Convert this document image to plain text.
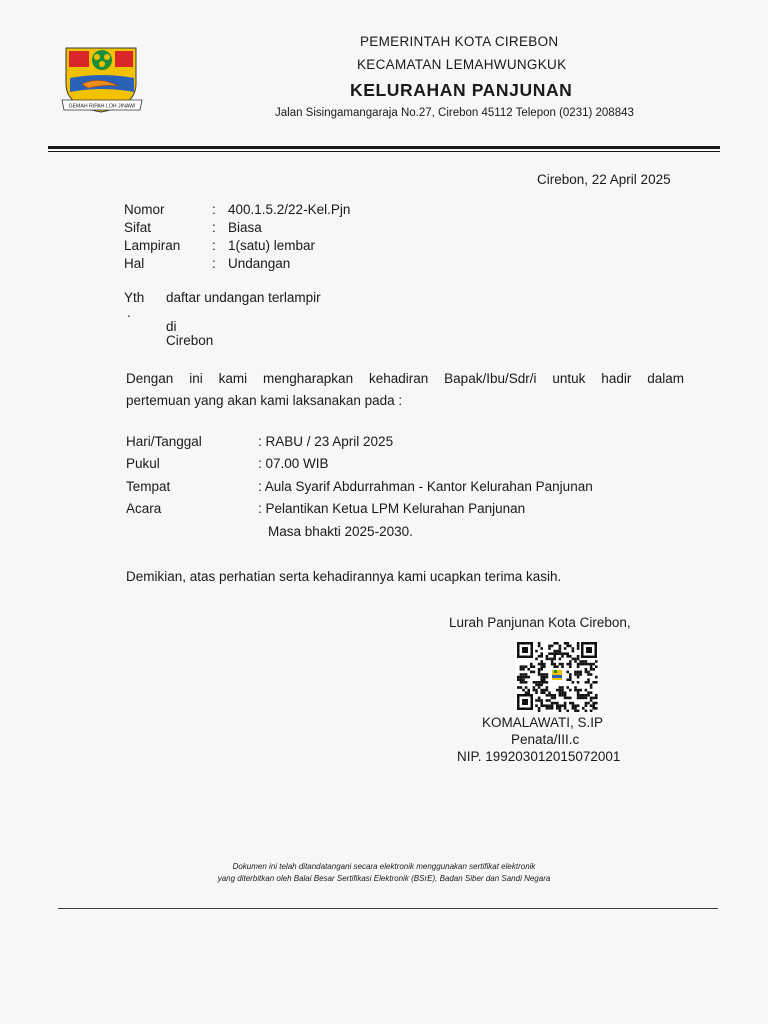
GEMAH RIPAH LOH JINAWI
PEMERINTAH KOTA CIREBON
KECAMATAN LEMAHWUNGKUK
KELURAHAN PANJUNAN
Jalan Sisingamangaraja No.27, Cirebon 45112 Telepon (0231) 208843
Cirebon, 22 April 2025
Nomor	: 400.1.5.2/22-Kel.Pjn
Sifat	: Biasa
Lampiran : 1(satu) lembar
Hal	: Undangan
Yth daftar undangan terlampir
.
di
Cirebon
Dengan ini kami mengharapkan kehadiran Bapak/Ibu/Sdr/i untuk hadir dalam
pertemuan yang akan kami laksanakan pada :
Hari/Tanggal	: RABU / 23 April 2025
Pukul	: 07.00 WIB
Tempat	: Aula Syarif Abdurrahman - Kantor Kelurahan Panjunan
Acara	: Pelantikan Ketua LPM Kelurahan Panjunan
Masa bhakti 2025-2030.
Demikian, atas perhatian serta kehadirannya kami ucapkan terima kasih.
Lurah Panjunan Kota Cirebon,
KOMALAWATI, S.IP
Penata/III.c
NIP. 199203012015072001
Dokumen ini telah ditandatangani secara elektronik menggunakan sertifikat elektronik
yang diterbitkan oleh Balai Besar Sertifikasi Elektronik (BSrE), Badan Siber dan Sandi Negara
